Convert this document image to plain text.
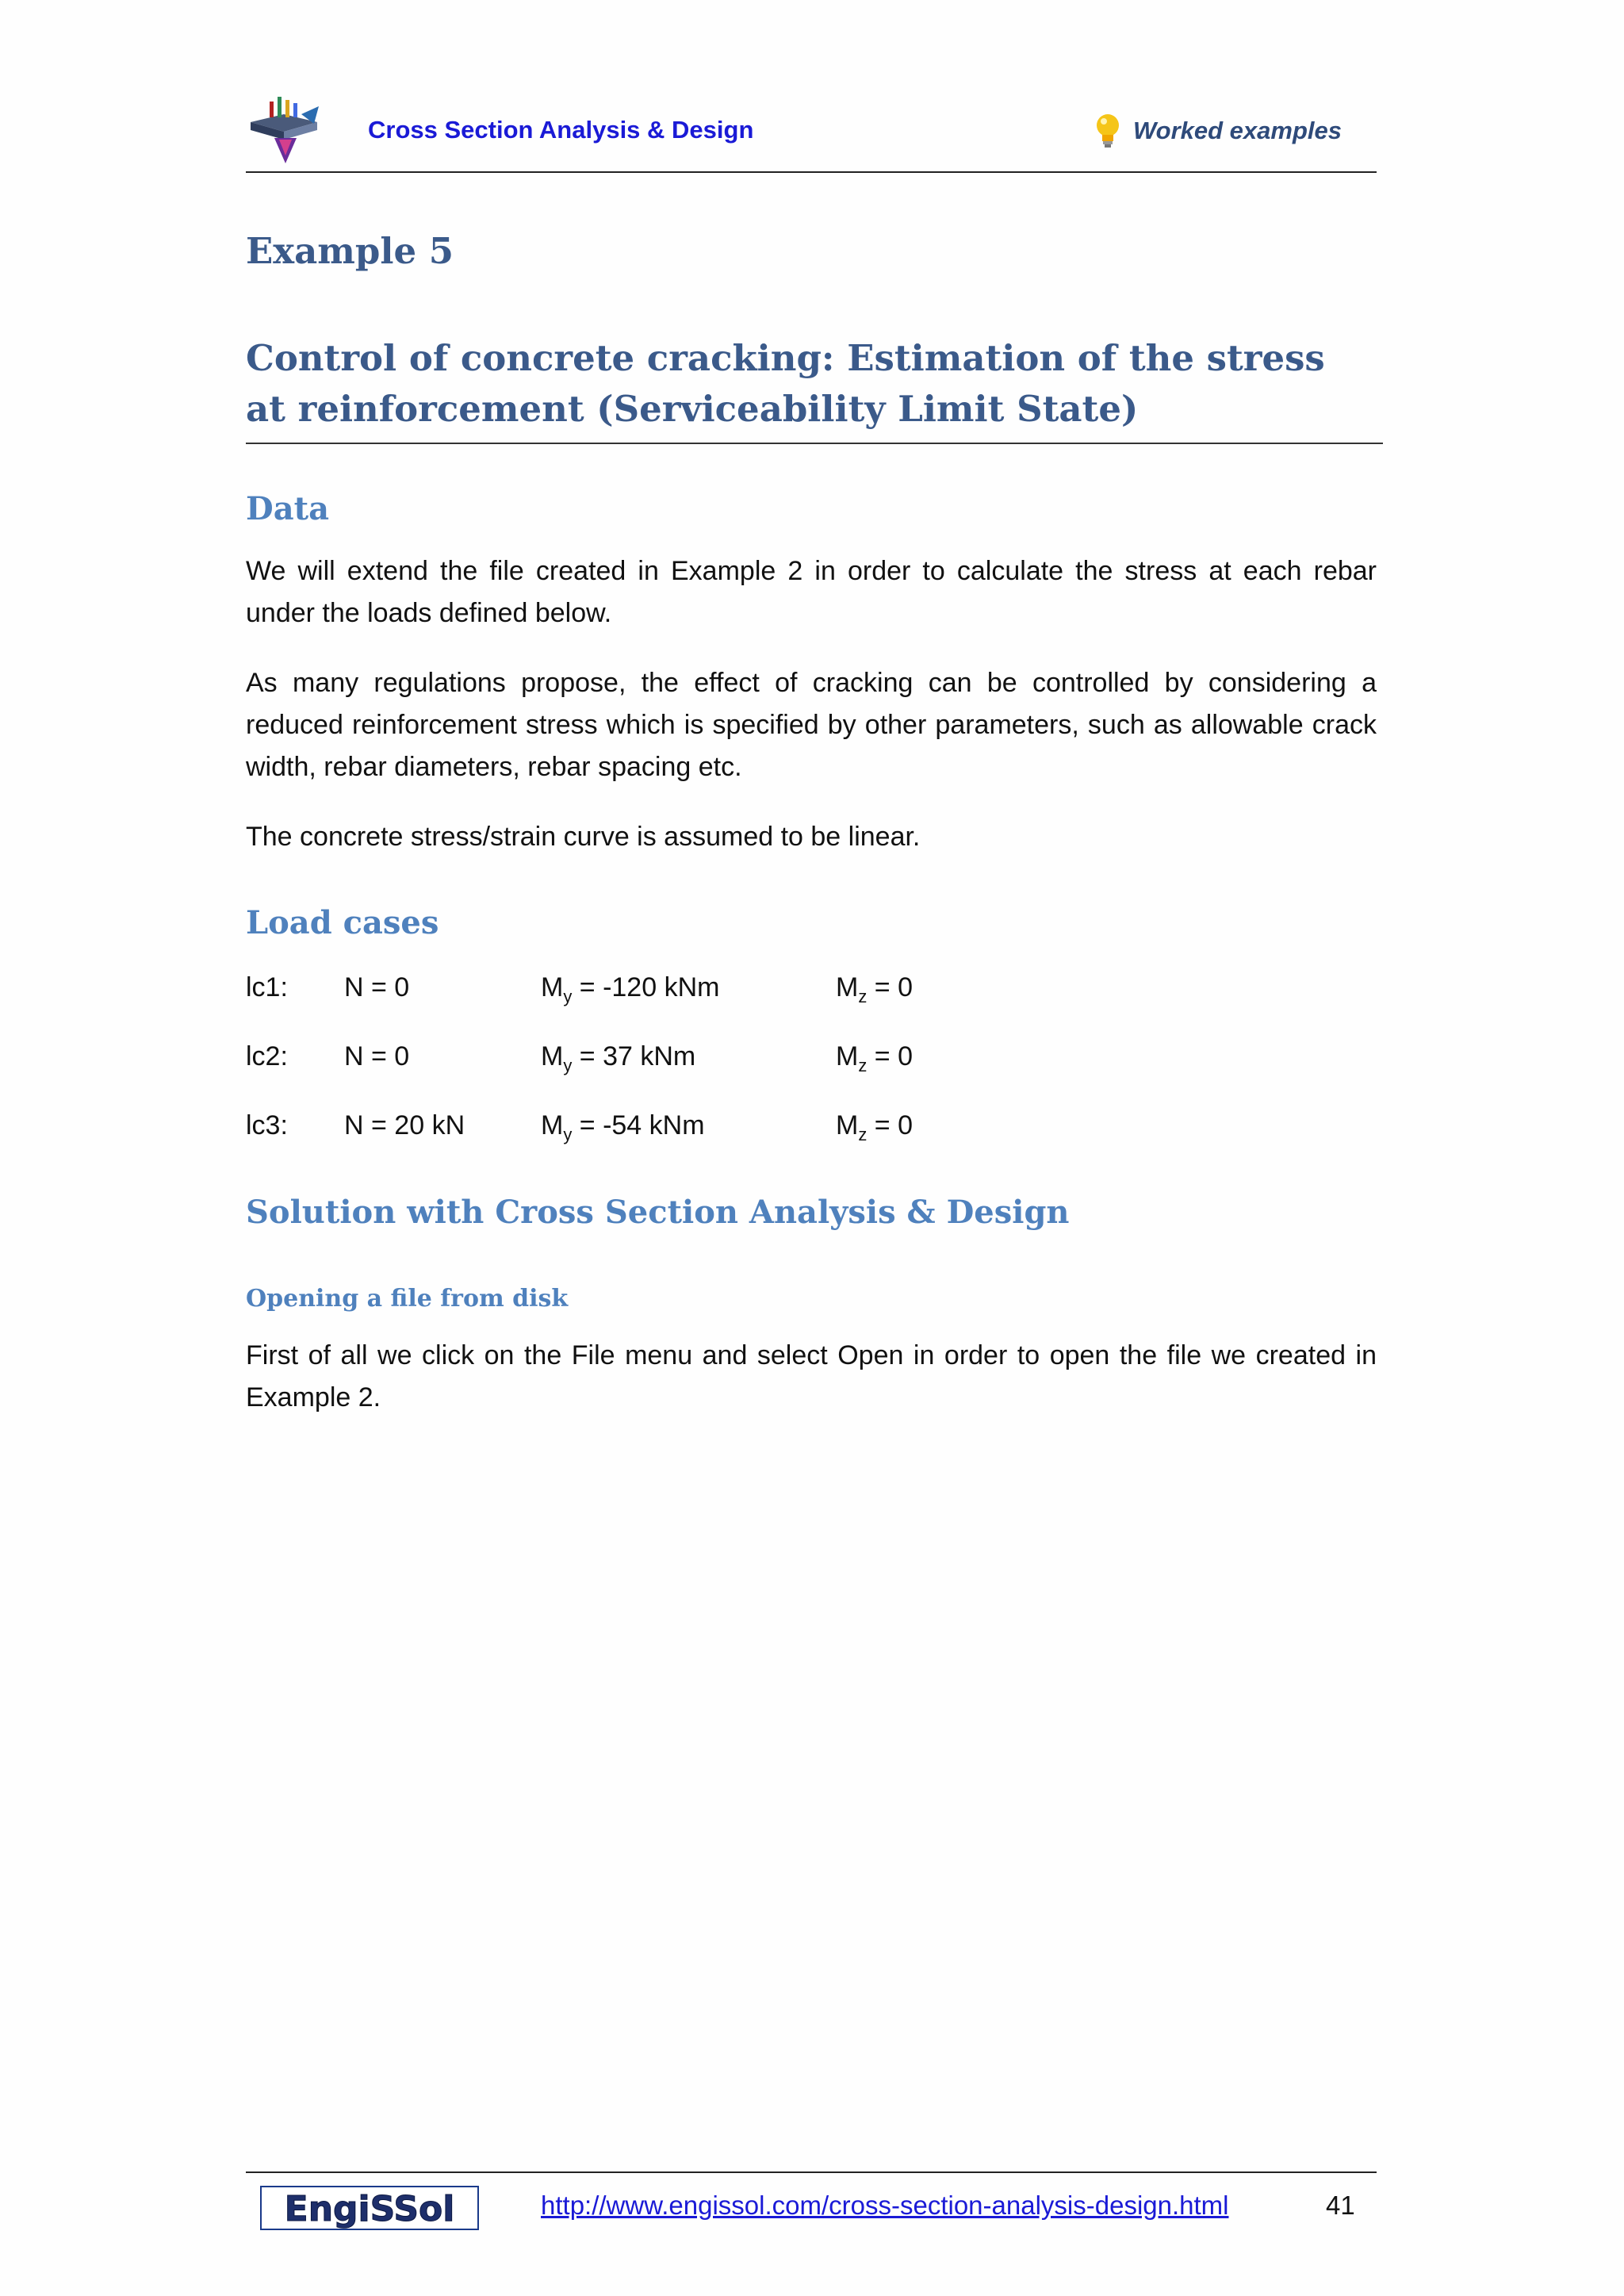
Cross Section Analysis & Design	Worked examples
Example 5
Control of concrete cracking: Estimation of the stress at reinforcement (Serviceability Limit State)
Data

We will extend the file created in Example 2 in order to calculate the stress at each rebar under the loads defined below.

As many regulations propose, the effect of cracking can be controlled by considering a reduced reinforcement stress which is specified by other parameters, such as allowable crack width, rebar diameters, rebar spacing etc.

The concrete stress/strain curve is assumed to be linear.

Load cases
lc1: N = 0	$M_y = -120$ kNm	$M_z = 0$
lc2: N = 0	$M_y = 37$ kNm	$M_z = 0$
lc3: N = 20 kN	$M_y = -54$ kNm	$M_z = 0$
Solution with Cross Section Analysis & Design
Opening a file from disk

First of all we click on the File menu and select Open in order to open the file we created in Example 2.

EngiSSol	http://www.engissol.com/cross-section-analysis-design.html	41
